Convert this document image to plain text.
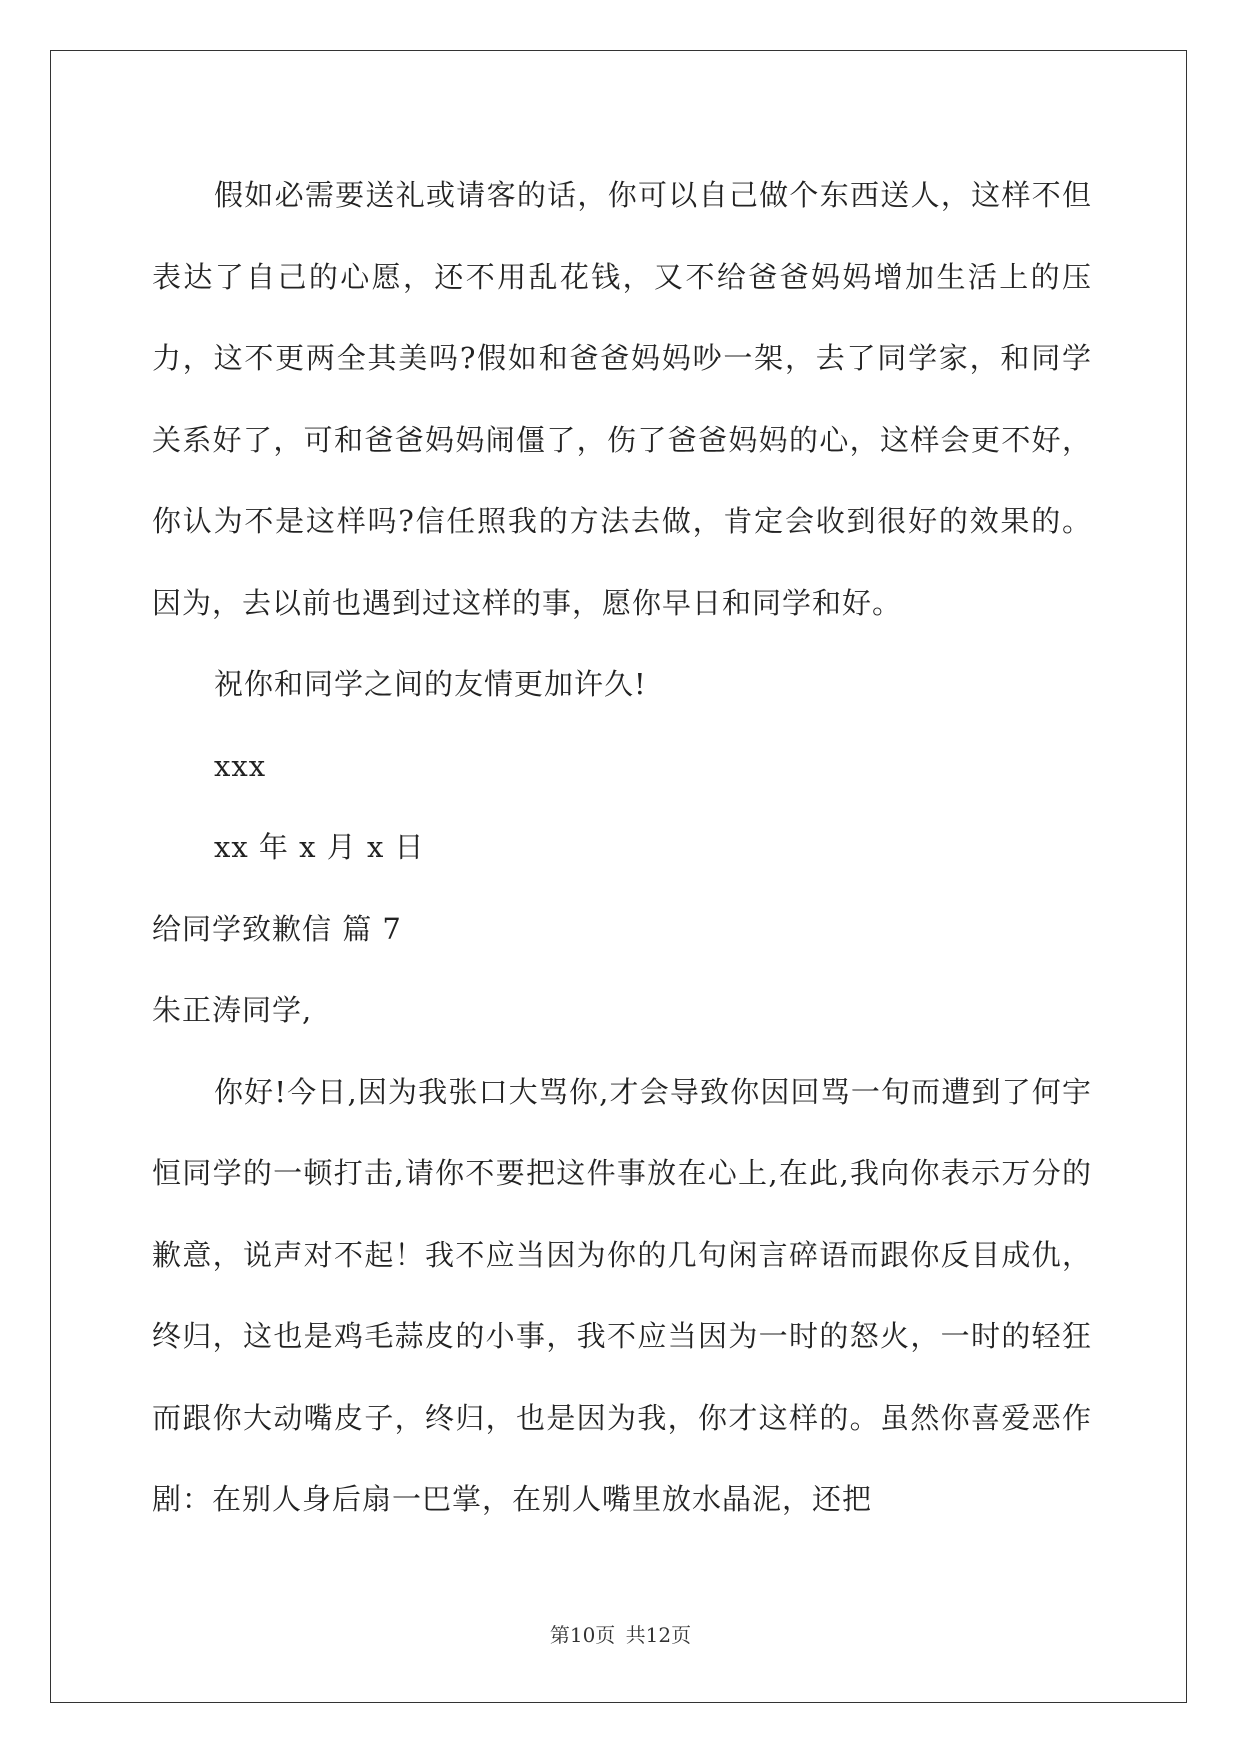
假如必需要送礼或请客的话，你可以自己做个东西送人，这样不但表达了自己的心愿，还不用乱花钱，又不给爸爸妈妈增加生活上的压力，这不更两全其美吗?假如和爸爸妈妈吵一架，去了同学家，和同学关系好了，可和爸爸妈妈闹僵了，伤了爸爸妈妈的心，这样会更不好，你认为不是这样吗?信任照我的方法去做，肯定会收到很好的效果的。因为，去以前也遇到过这样的事，愿你早日和同学和好。

祝你和同学之间的友情更加许久!

xxx

xx 年 x 月 x 日

给同学致歉信 篇 7

朱正涛同学,

你好!今日,因为我张口大骂你,才会导致你因回骂一句而遭到了何宇恒同学的一顿打击,请你不要把这件事放在心上,在此,我向你表示万分的歉意，说声对不起！我不应当因为你的几句闲言碎语而跟你反目成仇，终归，这也是鸡毛蒜皮的小事，我不应当因为一时的怒火，一时的轻狂而跟你大动嘴皮子，终归，也是因为我，你才这样的。虽然你喜爱恶作剧：在别人身后扇一巴掌，在别人嘴里放水晶泥，还把

第10页 共12页
